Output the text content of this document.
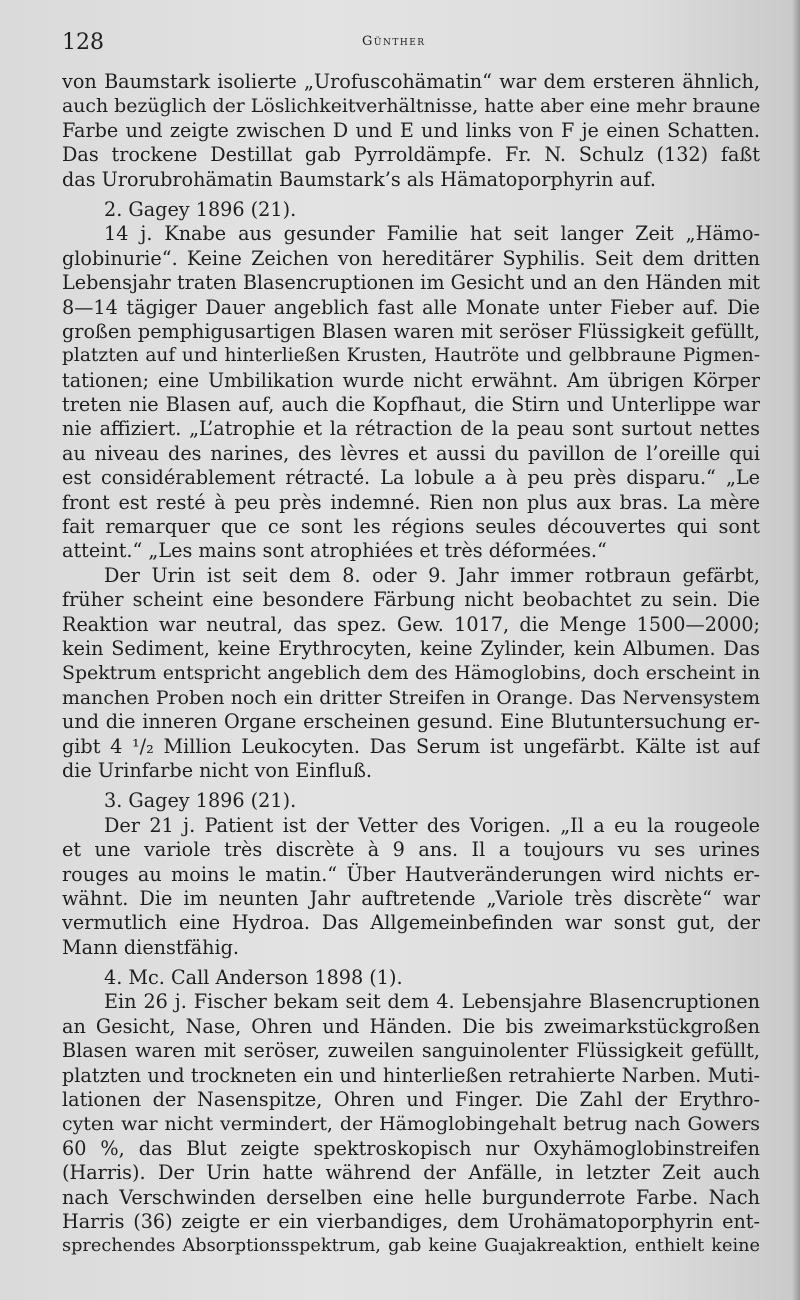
128	Günther
von Baumstark isolierte „Urofuscohämatin“ war dem ersteren ähnlich,
auch bezüglich der Löslichkeitverhältnisse, hatte aber eine mehr braune
Farbe und zeigte zwischen D und E und links von F je einen Schatten.
Das trockene Destillat gab Pyrroldämpfe. Fr. N. Schulz (132) faßt
das Urorubrohämatin Baumstark’s als Hämatoporphyrin auf.
2. Gagey 1896 (21).
14 j. Knabe aus gesunder Familie hat seit langer Zeit „Hämo-
globinurie“. Keine Zeichen von hereditärer Syphilis. Seit dem dritten
Lebensjahr traten Blasencruptionen im Gesicht und an den Händen mit
8—14 tägiger Dauer angeblich fast alle Monate unter Fieber auf. Die
großen pemphigusartigen Blasen waren mit seröser Flüssigkeit gefüllt,
platzten auf und hinterließen Krusten, Hautröte und gelbbraune Pigmen-
tationen; eine Umbilikation wurde nicht erwähnt. Am übrigen Körper
treten nie Blasen auf, auch die Kopfhaut, die Stirn und Unterlippe war
nie affiziert. „L’atrophie et la rétraction de la peau sont surtout nettes
au niveau des narines, des lèvres et aussi du pavillon de l’oreille qui
est considérablement rétracté. La lobule a à peu près disparu.“ „Le
front est resté à peu près indemné. Rien non plus aux bras. La mère
fait remarquer que ce sont les régions seules découvertes qui sont
atteint.“ „Les mains sont atrophiées et très déformées.“
Der Urin ist seit dem 8. oder 9. Jahr immer rotbraun gefärbt,
früher scheint eine besondere Färbung nicht beobachtet zu sein. Die
Reaktion war neutral, das spez. Gew. 1017, die Menge 1500—2000;
kein Sediment, keine Erythrocyten, keine Zylinder, kein Albumen. Das
Spektrum entspricht angeblich dem des Hämoglobins, doch erscheint in
manchen Proben noch ein dritter Streifen in Orange. Das Nervensystem
und die inneren Organe erscheinen gesund. Eine Blutuntersuchung er-
gibt 4 ¹/₂ Million Leukocyten. Das Serum ist ungefärbt. Kälte ist auf
die Urinfarbe nicht von Einfluß.
3. Gagey 1896 (21).
Der 21 j. Patient ist der Vetter des Vorigen. „Il a eu la rougeole
et une variole très discrète à 9 ans. Il a toujours vu ses urines
rouges au moins le matin.“ Über Hautveränderungen wird nichts er-
wähnt. Die im neunten Jahr auftretende „Variole très discrète“ war
vermutlich eine Hydroa. Das Allgemeinbefinden war sonst gut, der
Mann dienstfähig.
4. Mc. Call Anderson 1898 (1).
Ein 26 j. Fischer bekam seit dem 4. Lebensjahre Blasencruptionen
an Gesicht, Nase, Ohren und Händen. Die bis zweimarkstückgroßen
Blasen waren mit seröser, zuweilen sanguinolenter Flüssigkeit gefüllt,
platzten und trockneten ein und hinterließen retrahierte Narben. Muti-
lationen der Nasenspitze, Ohren und Finger. Die Zahl der Erythro-
cyten war nicht vermindert, der Hämoglobingehalt betrug nach Gowers
60 %, das Blut zeigte spektroskopisch nur Oxyhämoglobinstreifen
(Harris). Der Urin hatte während der Anfälle, in letzter Zeit auch
nach Verschwinden derselben eine helle burgunderrote Farbe. Nach
Harris (36) zeigte er ein vierbandiges, dem Urohämatoporphyrin ent-
sprechendes Absorptionsspektrum, gab keine Guajakreaktion, enthielt keine
